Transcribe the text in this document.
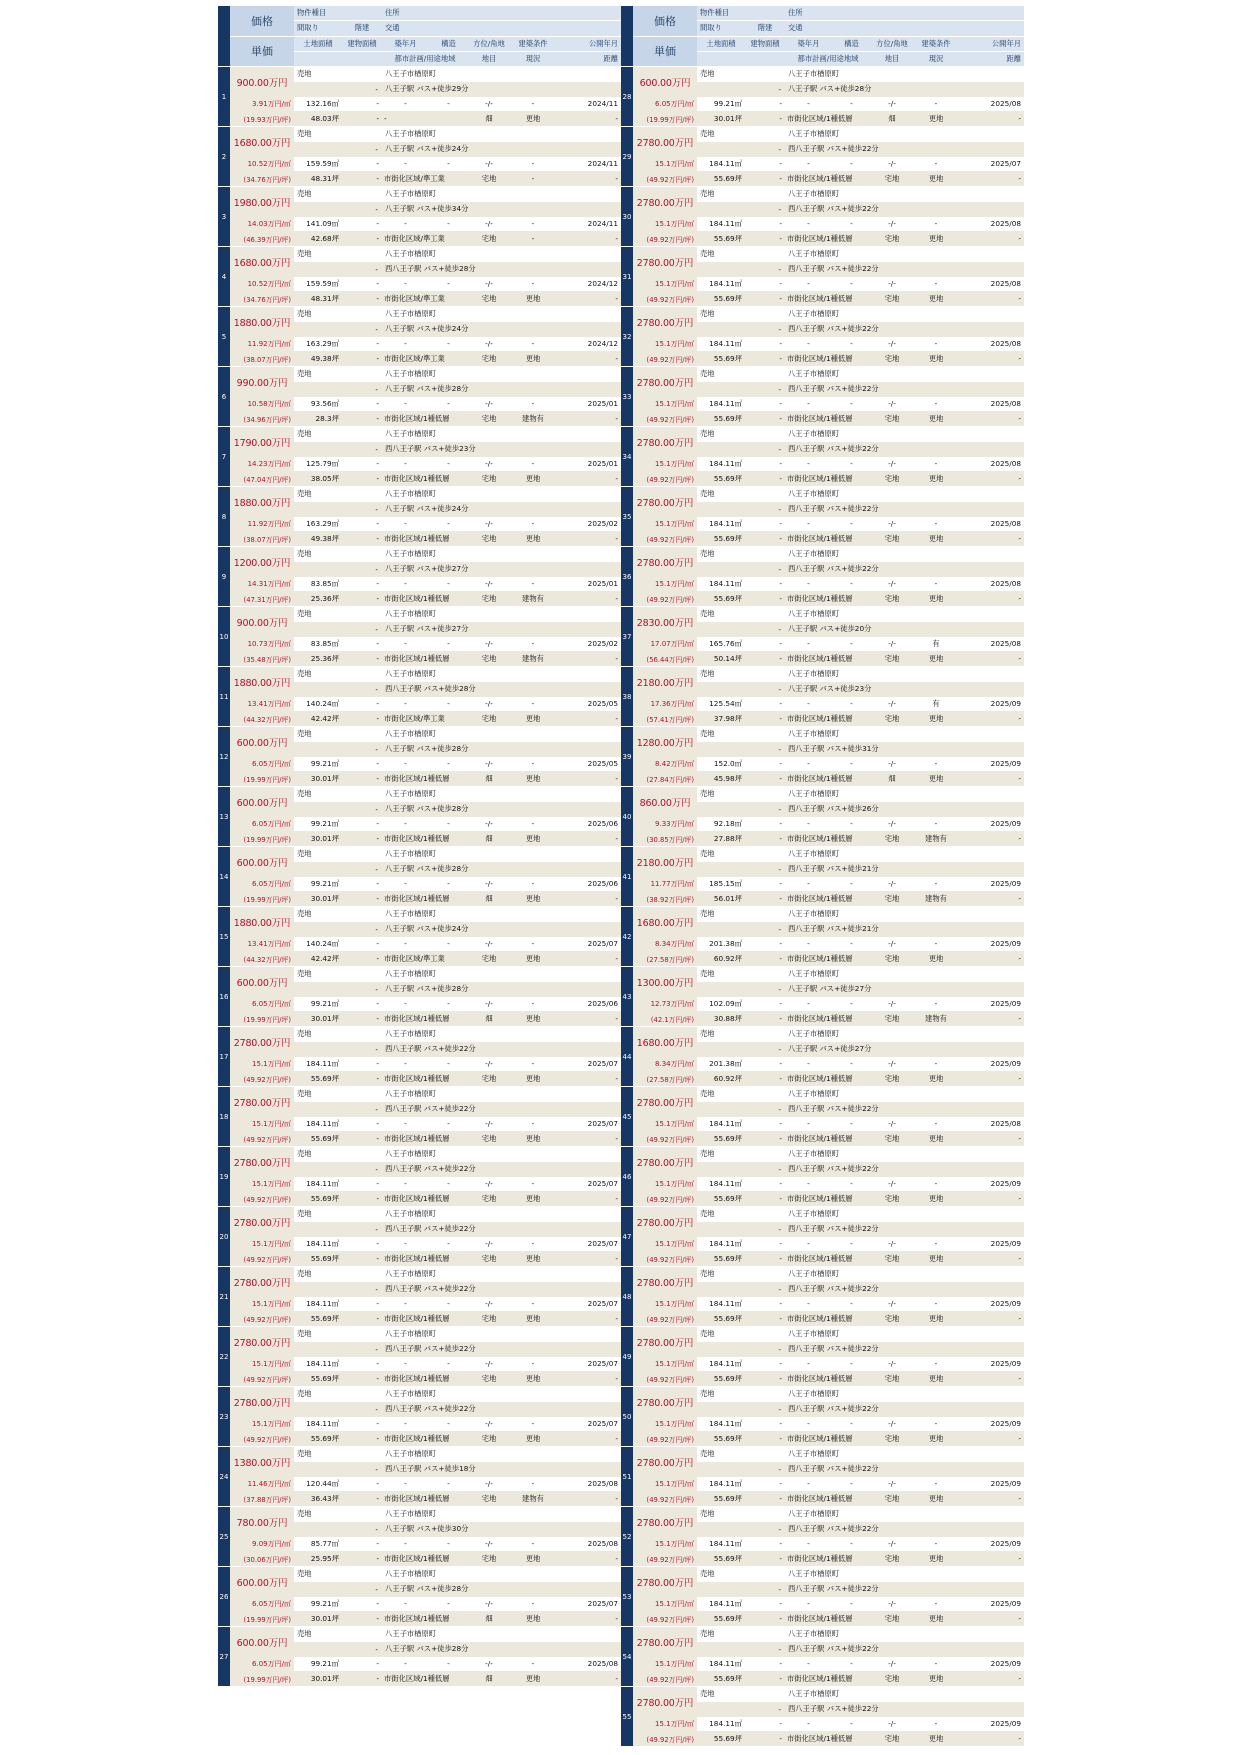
価格
単価
物件種目	住所
間取り	階建	交通
土地面積	建物面積	築年月	構造	方位/角地	建築条件	公開年月
都市計画/用途地域	地目	現況	距離
1
900.00万円
3.91万円/㎡
(19.93万円/坪)
売地	八王子市楢原町
- 八王子駅 バス+徒歩29分
132.16㎡	-	-	-	-/-	-	2024/11
48.03坪	- -	畑	更地	-
2
1680.00万円
10.52万円/㎡
(34.76万円/坪)
売地	八王子市楢原町
- 八王子駅 バス+徒歩24分
159.59㎡	-	-	-	-/-	-	2024/11
48.31坪	- 市街化区域/準工業	宅地	-	-
3
1980.00万円
14.03万円/㎡
(46.39万円/坪)
売地	八王子市楢原町
- 八王子駅 バス+徒歩34分
141.09㎡	-	-	-	-/-	-	2024/11
42.68坪	- 市街化区域/準工業	宅地	-	-
4
1680.00万円
10.52万円/㎡
(34.76万円/坪)
売地	八王子市楢原町
- 西八王子駅 バス+徒歩28分
159.59㎡	-	-	-	-/-	-	2024/12
48.31坪	- 市街化区域/準工業	宅地	更地	-
5
1880.00万円
11.92万円/㎡
(38.07万円/坪)
売地	八王子市楢原町
- 八王子駅 バス+徒歩24分
163.29㎡	-	-	-	-/-	-	2024/12
49.38坪	- 市街化区域/準工業	宅地	更地	-
6
990.00万円
10.58万円/㎡
(34.96万円/坪)
売地	八王子市楢原町
- 八王子駅 バス+徒歩28分
93.56㎡	-	-	-	-/-	-	2025/01
28.3坪	- 市街化区域/1種低層	宅地	建物有	-
7
1790.00万円
14.23万円/㎡
(47.04万円/坪)
売地	八王子市楢原町
- 西八王子駅 バス+徒歩23分
125.79㎡	-	-	-	-/-	-	2025/01
38.05坪	- 市街化区域/1種低層	宅地	更地	-
8
1880.00万円
11.92万円/㎡
(38.07万円/坪)
売地	八王子市楢原町
- 八王子駅 バス+徒歩24分
163.29㎡	-	-	-	-/-	-	2025/02
49.38坪	- 市街化区域/1種低層	宅地	更地	-
9
1200.00万円
14.31万円/㎡
(47.31万円/坪)
売地	八王子市楢原町
- 八王子駅 バス+徒歩27分
83.85㎡	-	-	-	-/-	-	2025/01
25.36坪	- 市街化区域/1種低層	宅地	建物有	-
10
900.00万円
10.73万円/㎡
(35.48万円/坪)
売地	八王子市楢原町
- 八王子駅 バス+徒歩27分
83.85㎡	-	-	-	-/-	-	2025/02
25.36坪	- 市街化区域/1種低層	宅地	建物有	-
11
1880.00万円
13.41万円/㎡
(44.32万円/坪)
売地	八王子市楢原町
- 西八王子駅 バス+徒歩28分
140.24㎡	-	-	-	-/-	-	2025/05
42.42坪	- 市街化区域/準工業	宅地	更地	-
12
600.00万円
6.05万円/㎡
(19.99万円/坪)
売地	八王子市楢原町
- 八王子駅 バス+徒歩28分
99.21㎡	-	-	-	-/-	-	2025/05
30.01坪	- 市街化区域/1種低層	畑	更地	-
13
600.00万円
6.05万円/㎡
(19.99万円/坪)
売地	八王子市楢原町
- 八王子駅 バス+徒歩28分
99.21㎡	-	-	-	-/-	-	2025/06
30.01坪	- 市街化区域/1種低層	畑	更地	-
14
600.00万円
6.05万円/㎡
(19.99万円/坪)
売地	八王子市楢原町
- 八王子駅 バス+徒歩28分
99.21㎡	-	-	-	-/-	-	2025/06
30.01坪	- 市街化区域/1種低層	畑	更地	-
15
1880.00万円
13.41万円/㎡
(44.32万円/坪)
売地	八王子市楢原町
- 八王子駅 バス+徒歩24分
140.24㎡	-	-	-	-/-	-	2025/07
42.42坪	- 市街化区域/準工業	宅地	更地	-
16
600.00万円
6.05万円/㎡
(19.99万円/坪)
売地	八王子市楢原町
- 八王子駅 バス+徒歩28分
99.21㎡	-	-	-	-/-	-	2025/06
30.01坪	- 市街化区域/1種低層	畑	更地	-
17
2780.00万円
15.1万円/㎡
(49.92万円/坪)
売地	八王子市楢原町
- 西八王子駅 バス+徒歩22分
184.11㎡	-	-	-	-/-	-	2025/07
55.69坪	- 市街化区域/1種低層	宅地	更地	-
18
2780.00万円
15.1万円/㎡
(49.92万円/坪)
売地	八王子市楢原町
- 西八王子駅 バス+徒歩22分
184.11㎡	-	-	-	-/-	-	2025/07
55.69坪	- 市街化区域/1種低層	宅地	更地	-
19
2780.00万円
15.1万円/㎡
(49.92万円/坪)
売地	八王子市楢原町
- 西八王子駅 バス+徒歩22分
184.11㎡	-	-	-	-/-	-	2025/07
55.69坪	- 市街化区域/1種低層	宅地	更地	-
20
2780.00万円
15.1万円/㎡
(49.92万円/坪)
売地	八王子市楢原町
- 西八王子駅 バス+徒歩22分
184.11㎡	-	-	-	-/-	-	2025/07
55.69坪	- 市街化区域/1種低層	宅地	更地	-
21
2780.00万円
15.1万円/㎡
(49.92万円/坪)
売地	八王子市楢原町
- 西八王子駅 バス+徒歩22分
184.11㎡	-	-	-	-/-	-	2025/07
55.69坪	- 市街化区域/1種低層	宅地	更地	-
22
2780.00万円
15.1万円/㎡
(49.92万円/坪)
売地	八王子市楢原町
- 西八王子駅 バス+徒歩22分
184.11㎡	-	-	-	-/-	-	2025/07
55.69坪	- 市街化区域/1種低層	宅地	更地	-
23
2780.00万円
15.1万円/㎡
(49.92万円/坪)
売地	八王子市楢原町
- 西八王子駅 バス+徒歩22分
184.11㎡	-	-	-	-/-	-	2025/07
55.69坪	- 市街化区域/1種低層	宅地	更地	-
24
1380.00万円
11.46万円/㎡
(37.88万円/坪)
売地	八王子市楢原町
- 西八王子駅 バス+徒歩18分
120.44㎡	-	-	-	-/-	-	2025/08
36.43坪	- 市街化区域/1種低層	宅地	建物有	-
25
780.00万円
9.09万円/㎡
(30.06万円/坪)
売地	八王子市楢原町
- 八王子駅 バス+徒歩30分
85.77㎡	-	-	-	-/-	-	2025/08
25.95坪	- 市街化区域/1種低層	宅地	更地	-
26
600.00万円
6.05万円/㎡
(19.99万円/坪)
売地	八王子市楢原町
- 八王子駅 バス+徒歩28分
99.21㎡	-	-	-	-/-	-	2025/07
30.01坪	- 市街化区域/1種低層	畑	更地	-
27
600.00万円
6.05万円/㎡
(19.99万円/坪)
売地	八王子市楢原町
- 八王子駅 バス+徒歩28分
99.21㎡	-	-	-	-/-	-	2025/08
30.01坪	- 市街化区域/1種低層	畑	更地	-
価格
単価
物件種目	住所
間取り	階建	交通
土地面積	建物面積	築年月	構造	方位/角地	建築条件	公開年月
都市計画/用途地域	地目	現況	距離
28
600.00万円
6.05万円/㎡
(19.99万円/坪)
売地	八王子市楢原町
- 八王子駅 バス+徒歩28分
99.21㎡	-	-	-	-/-	-	2025/08
30.01坪	- 市街化区域/1種低層	畑	更地	-
29
2780.00万円
15.1万円/㎡
(49.92万円/坪)
売地	八王子市楢原町
- 西八王子駅 バス+徒歩22分
184.11㎡	-	-	-	-/-	-	2025/07
55.69坪	- 市街化区域/1種低層	宅地	更地	-
30
2780.00万円
15.1万円/㎡
(49.92万円/坪)
売地	八王子市楢原町
- 西八王子駅 バス+徒歩22分
184.11㎡	-	-	-	-/-	-	2025/08
55.69坪	- 市街化区域/1種低層	宅地	更地	-
31
2780.00万円
15.1万円/㎡
(49.92万円/坪)
売地	八王子市楢原町
- 西八王子駅 バス+徒歩22分
184.11㎡	-	-	-	-/-	-	2025/08
55.69坪	- 市街化区域/1種低層	宅地	更地	-
32
2780.00万円
15.1万円/㎡
(49.92万円/坪)
売地	八王子市楢原町
- 西八王子駅 バス+徒歩22分
184.11㎡	-	-	-	-/-	-	2025/08
55.69坪	- 市街化区域/1種低層	宅地	更地	-
33
2780.00万円
15.1万円/㎡
(49.92万円/坪)
売地	八王子市楢原町
- 西八王子駅 バス+徒歩22分
184.11㎡	-	-	-	-/-	-	2025/08
55.69坪	- 市街化区域/1種低層	宅地	更地	-
34
2780.00万円
15.1万円/㎡
(49.92万円/坪)
売地	八王子市楢原町
- 西八王子駅 バス+徒歩22分
184.11㎡	-	-	-	-/-	-	2025/08
55.69坪	- 市街化区域/1種低層	宅地	更地	-
35
2780.00万円
15.1万円/㎡
(49.92万円/坪)
売地	八王子市楢原町
- 西八王子駅 バス+徒歩22分
184.11㎡	-	-	-	-/-	-	2025/08
55.69坪	- 市街化区域/1種低層	宅地	更地	-
36
2780.00万円
15.1万円/㎡
(49.92万円/坪)
売地	八王子市楢原町
- 西八王子駅 バス+徒歩22分
184.11㎡	-	-	-	-/-	-	2025/08
55.69坪	- 市街化区域/1種低層	宅地	更地	-
37
2830.00万円
17.07万円/㎡
(56.44万円/坪)
売地	八王子市楢原町
- 八王子駅 バス+徒歩20分
165.76㎡	-	-	-	-/-	有	2025/08
50.14坪	- 市街化区域/1種低層	宅地	更地	-
38
2180.00万円
17.36万円/㎡
(57.41万円/坪)
売地	八王子市楢原町
- 八王子駅 バス+徒歩23分
125.54㎡	-	-	-	-/-	有	2025/09
37.98坪	- 市街化区域/1種低層	宅地	更地	-
39
1280.00万円
8.42万円/㎡
(27.84万円/坪)
売地	八王子市楢原町
- 西八王子駅 バス+徒歩31分
152.0㎡	-	-	-	-/-	-	2025/09
45.98坪	- 市街化区域/1種低層	畑	更地	-
40
860.00万円
9.33万円/㎡
(30.85万円/坪)
売地	八王子市楢原町
- 西八王子駅 バス+徒歩26分
92.18㎡	-	-	-	-/-	-	2025/09
27.88坪	- 市街化区域/1種低層	宅地	建物有	-
41
2180.00万円
11.77万円/㎡
(38.92万円/坪)
売地	八王子市楢原町
- 西八王子駅 バス+徒歩21分
185.15㎡	-	-	-	-/-	-	2025/09
56.01坪	- 市街化区域/1種低層	宅地	建物有	-
42
1680.00万円
8.34万円/㎡
(27.58万円/坪)
売地	八王子市楢原町
- 西八王子駅 バス+徒歩21分
201.38㎡	-	-	-	-/-	-	2025/09
60.92坪	- 市街化区域/1種低層	宅地	更地	-
43
1300.00万円
12.73万円/㎡
(42.1万円/坪)
売地	八王子市楢原町
- 八王子駅 バス+徒歩27分
102.09㎡	-	-	-	-/-	-	2025/09
30.88坪	- 市街化区域/1種低層	宅地	建物有	-
44
1680.00万円
8.34万円/㎡
(27.58万円/坪)
売地	八王子市楢原町
- 八王子駅 バス+徒歩27分
201.38㎡	-	-	-	-/-	-	2025/09
60.92坪	- 市街化区域/1種低層	宅地	更地	-
45
2780.00万円
15.1万円/㎡
(49.92万円/坪)
売地	八王子市楢原町
- 西八王子駅 バス+徒歩22分
184.11㎡	-	-	-	-/-	-	2025/08
55.69坪	- 市街化区域/1種低層	宅地	更地	-
46
2780.00万円
15.1万円/㎡
(49.92万円/坪)
売地	八王子市楢原町
- 西八王子駅 バス+徒歩22分
184.11㎡	-	-	-	-/-	-	2025/09
55.69坪	- 市街化区域/1種低層	宅地	更地	-
47
2780.00万円
15.1万円/㎡
(49.92万円/坪)
売地	八王子市楢原町
- 西八王子駅 バス+徒歩22分
184.11㎡	-	-	-	-/-	-	2025/09
55.69坪	- 市街化区域/1種低層	宅地	更地	-
48
2780.00万円
15.1万円/㎡
(49.92万円/坪)
売地	八王子市楢原町
- 西八王子駅 バス+徒歩22分
184.11㎡	-	-	-	-/-	-	2025/09
55.69坪	- 市街化区域/1種低層	宅地	更地	-
49
2780.00万円
15.1万円/㎡
(49.92万円/坪)
売地	八王子市楢原町
- 西八王子駅 バス+徒歩22分
184.11㎡	-	-	-	-/-	-	2025/09
55.69坪	- 市街化区域/1種低層	宅地	更地	-
50
2780.00万円
15.1万円/㎡
(49.92万円/坪)
売地	八王子市楢原町
- 西八王子駅 バス+徒歩22分
184.11㎡	-	-	-	-/-	-	2025/09
55.69坪	- 市街化区域/1種低層	宅地	更地	-
51
2780.00万円
15.1万円/㎡
(49.92万円/坪)
売地	八王子市楢原町
- 西八王子駅 バス+徒歩22分
184.11㎡	-	-	-	-/-	-	2025/09
55.69坪	- 市街化区域/1種低層	宅地	更地	-
52
2780.00万円
15.1万円/㎡
(49.92万円/坪)
売地	八王子市楢原町
- 西八王子駅 バス+徒歩22分
184.11㎡	-	-	-	-/-	-	2025/09
55.69坪	- 市街化区域/1種低層	宅地	更地	-
53
2780.00万円
15.1万円/㎡
(49.92万円/坪)
売地	八王子市楢原町
- 西八王子駅 バス+徒歩22分
184.11㎡	-	-	-	-/-	-	2025/09
55.69坪	- 市街化区域/1種低層	宅地	更地	-
54
2780.00万円
15.1万円/㎡
(49.92万円/坪)
売地	八王子市楢原町
- 西八王子駅 バス+徒歩22分
184.11㎡	-	-	-	-/-	-	2025/09
55.69坪	- 市街化区域/1種低層	宅地	更地	-
55
2780.00万円
15.1万円/㎡
(49.92万円/坪)
売地	八王子市楢原町
- 西八王子駅 バス+徒歩22分
184.11㎡	-	-	-	-/-	-	2025/09
55.69坪	- 市街化区域/1種低層	宅地	更地	-
